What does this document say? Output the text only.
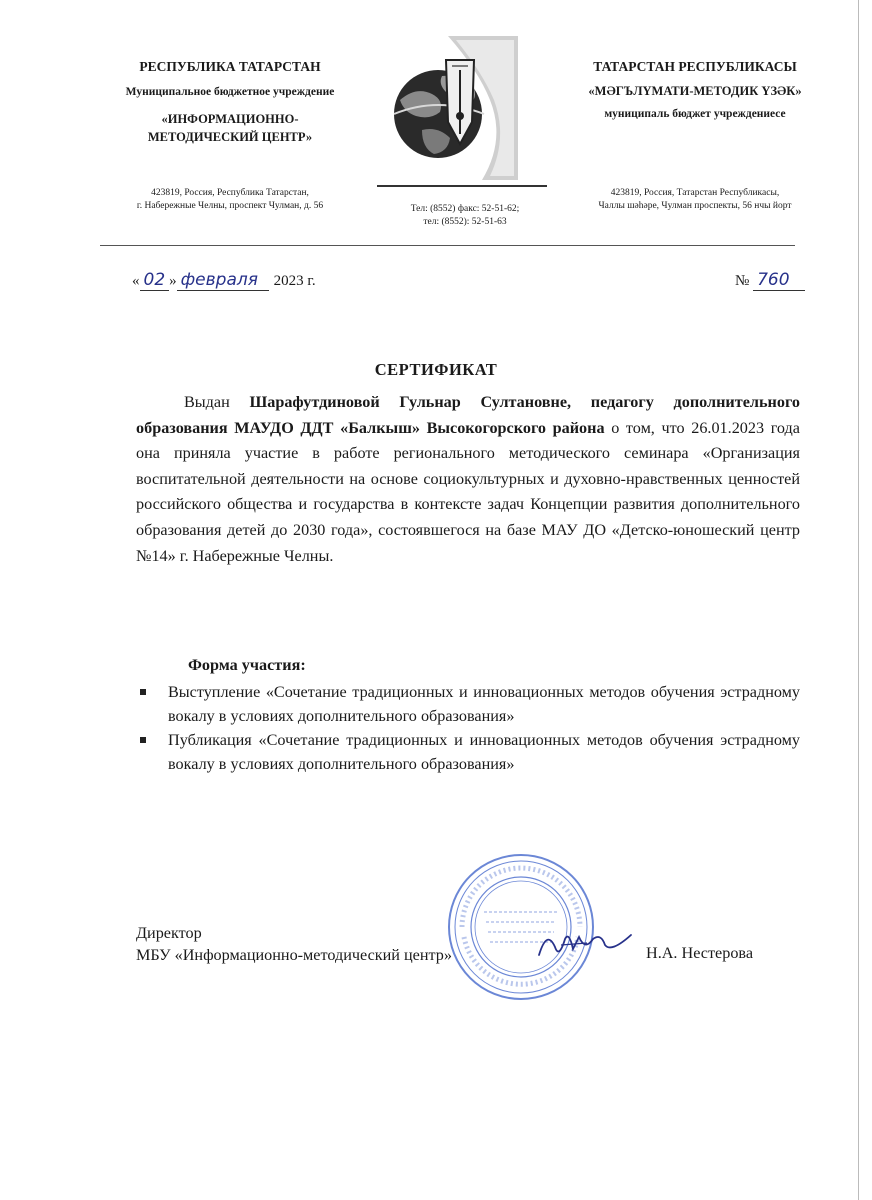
РЕСПУБЛИКА ТАТАРСТАН
Муниципальное бюджетное учреждение
«ИНФОРМАЦИОННО-
МЕТОДИЧЕСКИЙ ЦЕНТР»
423819, Россия, Республика Татарстан,
г. Набережные Челны, проспект Чулман, д. 56	Тел: (8552) факс: 52-51-62;
тел: (8552): 52-51-63
ТАТАРСТАН РЕСПУБЛИКАСЫ
«МӘГЪЛҮМАТИ-МЕТОДИК ҮЗӘК»
муниципаль бюджет учреждениесе
423819, Россия, Татарстан Республикасы,
Чаллы шәһәре, Чулман проспекты, 56 нчы йорт
« 02 » февраля	2023 г.	№ 760
СЕРТИФИКАТ
Выдан Шарафутдиновой Гульнар Султановне, педагогу дополнительного образования МАУДО ДДТ «Балкыш» Высокогорского района о том, что 26.01.2023 года она приняла участие в работе регионального методического семинара «Организация воспитательной деятельности на основе социокультурных и духовно-нравственных ценностей российского общества и государства в контексте задач Концепции развития дополнительного образования детей до 2030 года», состоявшегося на базе МАУ ДО «Детско-юношеский центр №14» г. Набережные Челны.
Форма участия:
Выступление «Сочетание традиционных и инновационных методов обучения эстрадному вокалу в условиях дополнительного образования»
Публикация «Сочетание традиционных и инновационных методов обучения эстрадному вокалу в условиях дополнительного образования»
Директор
МБУ «Информационно-методический центр»	Н.А. Нестерова
